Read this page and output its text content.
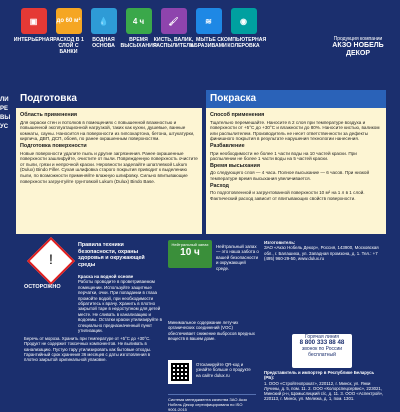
ЛИ
РЕ
ВЫ
УС
▣
ИНТЕРЬЕРНАЯ
до 60 м²
РАСХОД В 1 СЛОЙ С БАНКИ
💧
ВОДНАЯ ОСНОВА
4 ч
ВРЕМЯ ВЫСЫХАНИЯ
🖌
КИСТЬ, ВАЛИК, РАСПЫЛИТЕЛЬ
≋
МЫТЬЕ С АБРАЗИВАМИ
◉
КОМПЬЮТЕРНАЯ КОЛЕРОВКА
Продукция компании
АКЗО НОБЕЛЬ ДЕКОР
Подготовка
Область применения

Для окраски стен и потолков в помещениях с повышенной влажностью и повышенной эксплуатационной нагрузкой, таких как кухни, душевые, ванные комнаты, сауны. Наносится на поверхности из гипсокартона, бетона, штукатурки, кирпича, ДВП, ДСП, обоев, по ранее окрашенным поверхностям.

Подготовка поверхности

Новые поверхности удалите пыль и другие загрязнения. Ранее окрашенные поверхности зашлифуйте, очистите от пыли. Поврежденную поверхность очистите от пыли, грязи и непрочной краски. Неровности заделайте шпатлевкой Lukum (Dulux) Bindo Filler. Сухая шлифовка старого покрытия приводит к выделению пыли, по возможности применяйте влажную шлифовку. Сильно впитывающие поверхности загрунтуйте грунтовкой Lukum (Dulux) Bindo Base.

Покраска
Способ применения

Тщательно перемешайте. Наносите в 2 слоя при температуре воздуха и поверхности от +5°С до +30°С и влажности до 80%. Наносите кистью, валиком или распылителем. Производитель не несет ответственности за дефекты финишного покрытия в результате нарушения технологии нанесения.

Разбавление

При необходимости не более 1 части воды на 10 частей краски. При распылении не более 1 части воды на 5 частей краски.

Время высыхания

До следующего слоя — 4 часа. Полное высыхание — 6 часов. При низкой температуре время высыхания увеличивается.

Расход

По подготовленной и загрунтованной поверхности 10 м² на 1 л в 1 слой. Фактический расход зависит от впитывающих свойств поверхности.

!
ОСТОРОЖНО
Правила техники безопасности, охраны здоровья и окружающей среды
Краска на водной основе
Работы проводите в проветриваемом помещении. Используйте защитные перчатки, очки. При попадании в глаза промойте водой, при необходимости обратитесь к врачу. Хранить в плотно закрытой таре в недоступном для детей месте. Не сливать в канализацию и водоемы. Остатки краски утилизируйте в специально предназначенный пункт утилизации.
Беречь от мороза. Хранить при температуре от +5°С до +30°С. Продукт не содержит токсичных компонентов. Не выливать в канализацию. Пустую тару утилизировать как бытовые отходы. Гарантийный срок хранения 36 месяцев с даты изготовления в плотно закрытой оригинальной упаковке.
Нейтральный запах
10 ч
Нейтральный запах — это наша забота о вашей безопасности и окружающей среде.
Минимальное содержание летучих органических соединений (VOC) обеспечивает снижение выбросов вредных веществ в вашем доме.
Отсканируйте QR-код и узнайте больше о продукте на сайте dulux.ru
Система менеджмента качества ЗАО Акзо Нобель Декор сертифицирована по ISO 9001:2015
Изготовитель:
ЗАО «Акзо Нобель Декор», Россия, 143900, Московская обл., г. Балашиха, ул. Западная промзона, д. 1. Тел.: +7 (495) 960-29-50, www.dulux.ru
Горячая линия
8 800 333 88 48
звонок по России бесплатный
Представитель и импортер в Республике Беларусь (РБ):
1. ООО «Стройтехпрокат», 220112, г. Минск, ул. Янки Лучины, д. 5, пом. 11. 2. ООО «Колорспецсервис», 223021, Минский р-н, Щомыслицкий с/с, д. 11. 3. ООО «Аспектрой», 220113, г. Минск, ул. Мележа, д. 1, пом. 1301.
